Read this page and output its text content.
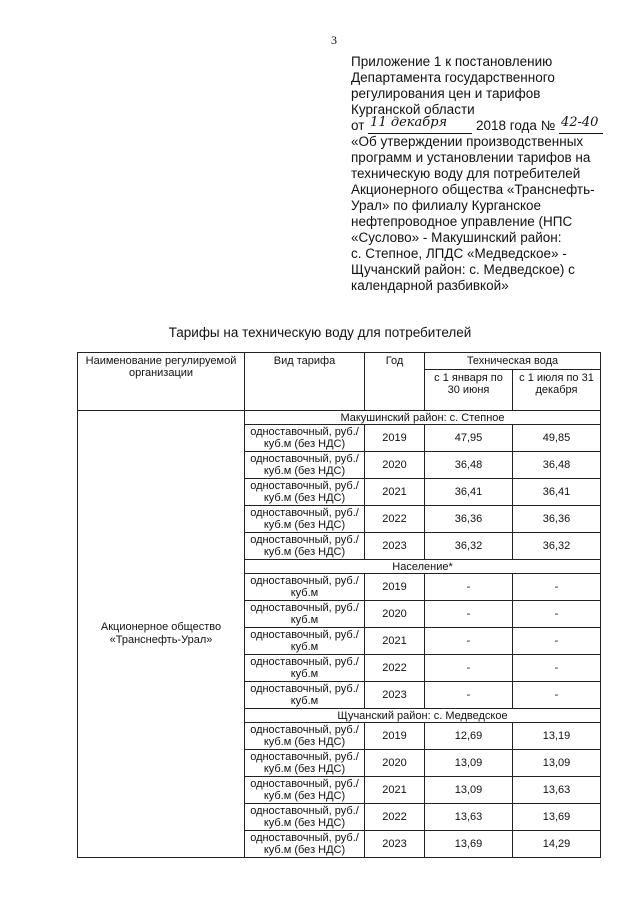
3
Приложение 1 к постановлению
Департамента государственного
регулирования цен и тарифов
Курганской области
от 11 декабря 2018 года № 42-40
«Об утверждении производственных
программ и установлении тарифов на
техническую воду для потребителей
Акционерного общества «Транснефть-
Урал» по филиалу Курганское
нефтепроводное управление (НПС
«Суслово» - Макушинский район:
с. Степное, ЛПДС «Медведское» -
Щучанский район: с. Медведское) с
календарной разбивкой»
Тарифы на техническую воду для потребителей
Наименование регулируемой организации	Вид тарифа	Год	Техническая вода	
			с 1 января по 30 июня	с 1 июля по 31 декабря
Акционерное общество «Транснефть-Урал»	Макушинский район: с. Степное			
	одноставочный, руб./куб.м (без НДС)	2019	47,95	49,85
	одноставочный, руб./куб.м (без НДС)	2020	36,48	36,48
	одноставочный, руб./куб.м (без НДС)	2021	36,41	36,41
	одноставочный, руб./куб.м (без НДС)	2022	36,36	36,36
	одноставочный, руб./куб.м (без НДС)	2023	36,32	36,32
	Население*			
	одноставочный, руб./куб.м	2019	-	-
	одноставочный, руб./куб.м	2020	-	-
	одноставочный, руб./куб.м	2021	-	-
	одноставочный, руб./куб.м	2022	-	-
	одноставочный, руб./куб.м	2023	-	-
	Щучанский район: с. Медведское			
	одноставочный, руб./куб.м (без НДС)	2019	12,69	13,19
	одноставочный, руб./куб.м (без НДС)	2020	13,09	13,09
	одноставочный, руб./куб.м (без НДС)	2021	13,09	13,63
	одноставочный, руб./куб.м (без НДС)	2022	13,63	13,69
	одноставочный, руб./куб.м (без НДС)	2023	13,69	14,29
